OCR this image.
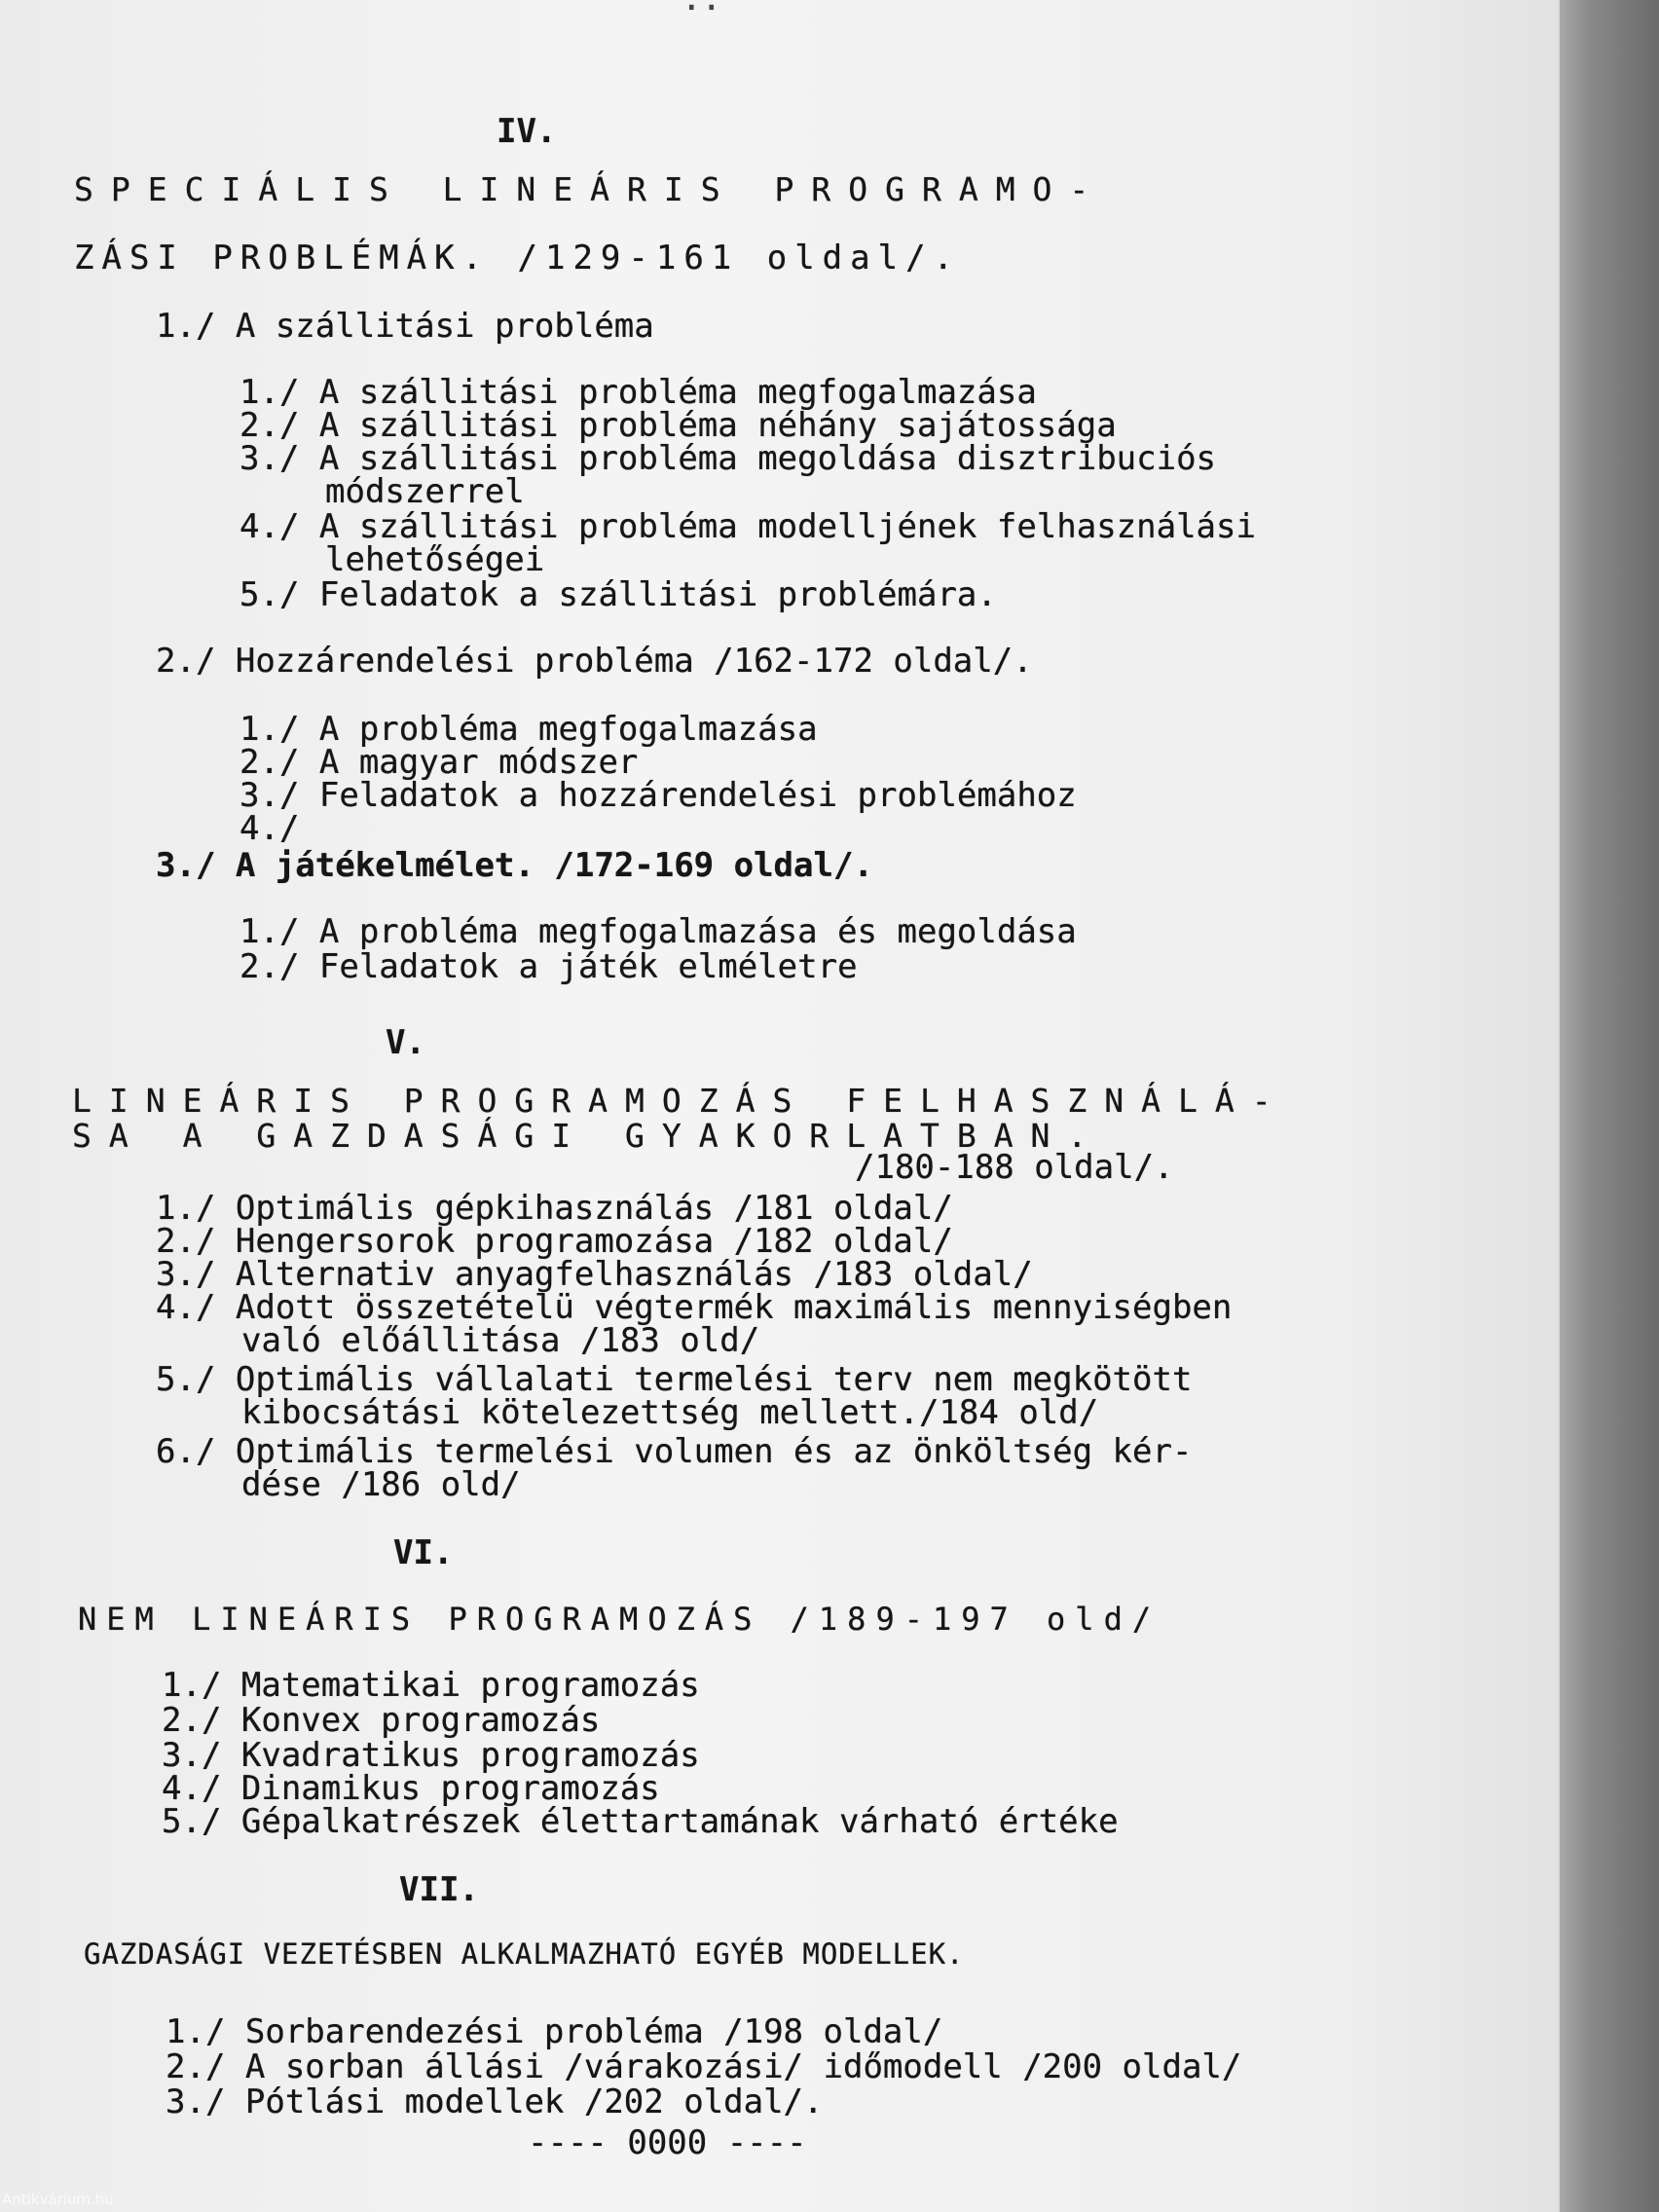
IV.

SPECIÁLIS LINEÁRIS PROGRAMO-

ZÁSI PROBLÉMÁK. /129-161 oldal/.

1./ A szállitási probléma

1./ A szállitási probléma megfogalmazása

2./ A szállitási probléma néhány sajátossága

3./ A szállitási probléma megoldása disztribuciós

módszerrel

4./ A szállitási probléma modelljének felhasználási

lehetőségei

5./ Feladatok a szállitási problémára.

2./ Hozzárendelési probléma /162-172 oldal/.

1./ A probléma megfogalmazása

2./ A magyar módszer

3./ Feladatok a hozzárendelési problémához

4./

3./ A játékelmélet. /172-169 oldal/.

1./ A probléma megfogalmazása és megoldása

2./ Feladatok a játék elméletre

V.

LINEÁRIS PROGRAMOZÁS FELHASZNÁLÁ-

SA A GAZDASÁGI GYAKORLATBAN.

/180-188 oldal/.

1./ Optimális gépkihasználás /181 oldal/

2./ Hengersorok programozása /182 oldal/

3./ Alternativ anyagfelhasználás /183 oldal/

4./ Adott összetételü végtermék maximális mennyiségben

való előállitása /183 old/

5./ Optimális vállalati termelési terv nem megkötött

kibocsátási kötelezettség mellett./184 old/

6./ Optimális termelési volumen és az önköltség kér-

dése /186 old/

VI.

NEM LINEÁRIS PROGRAMOZÁS /189-197 old/

1./ Matematikai programozás

2./ Konvex programozás

3./ Kvadratikus programozás

4./ Dinamikus programozás

5./ Gépalkatrészek élettartamának várható értéke

VII.

GAZDASÁGI VEZETÉSBEN ALKALMAZHATÓ EGYÉB MODELLEK.

1./ Sorbarendezési probléma /198 oldal/

2./ A sorban állási /várakozási/ időmodell /200 oldal/

3./ Pótlási modellek /202 oldal/.

---- 0000 ----

Antikvárium.hu
